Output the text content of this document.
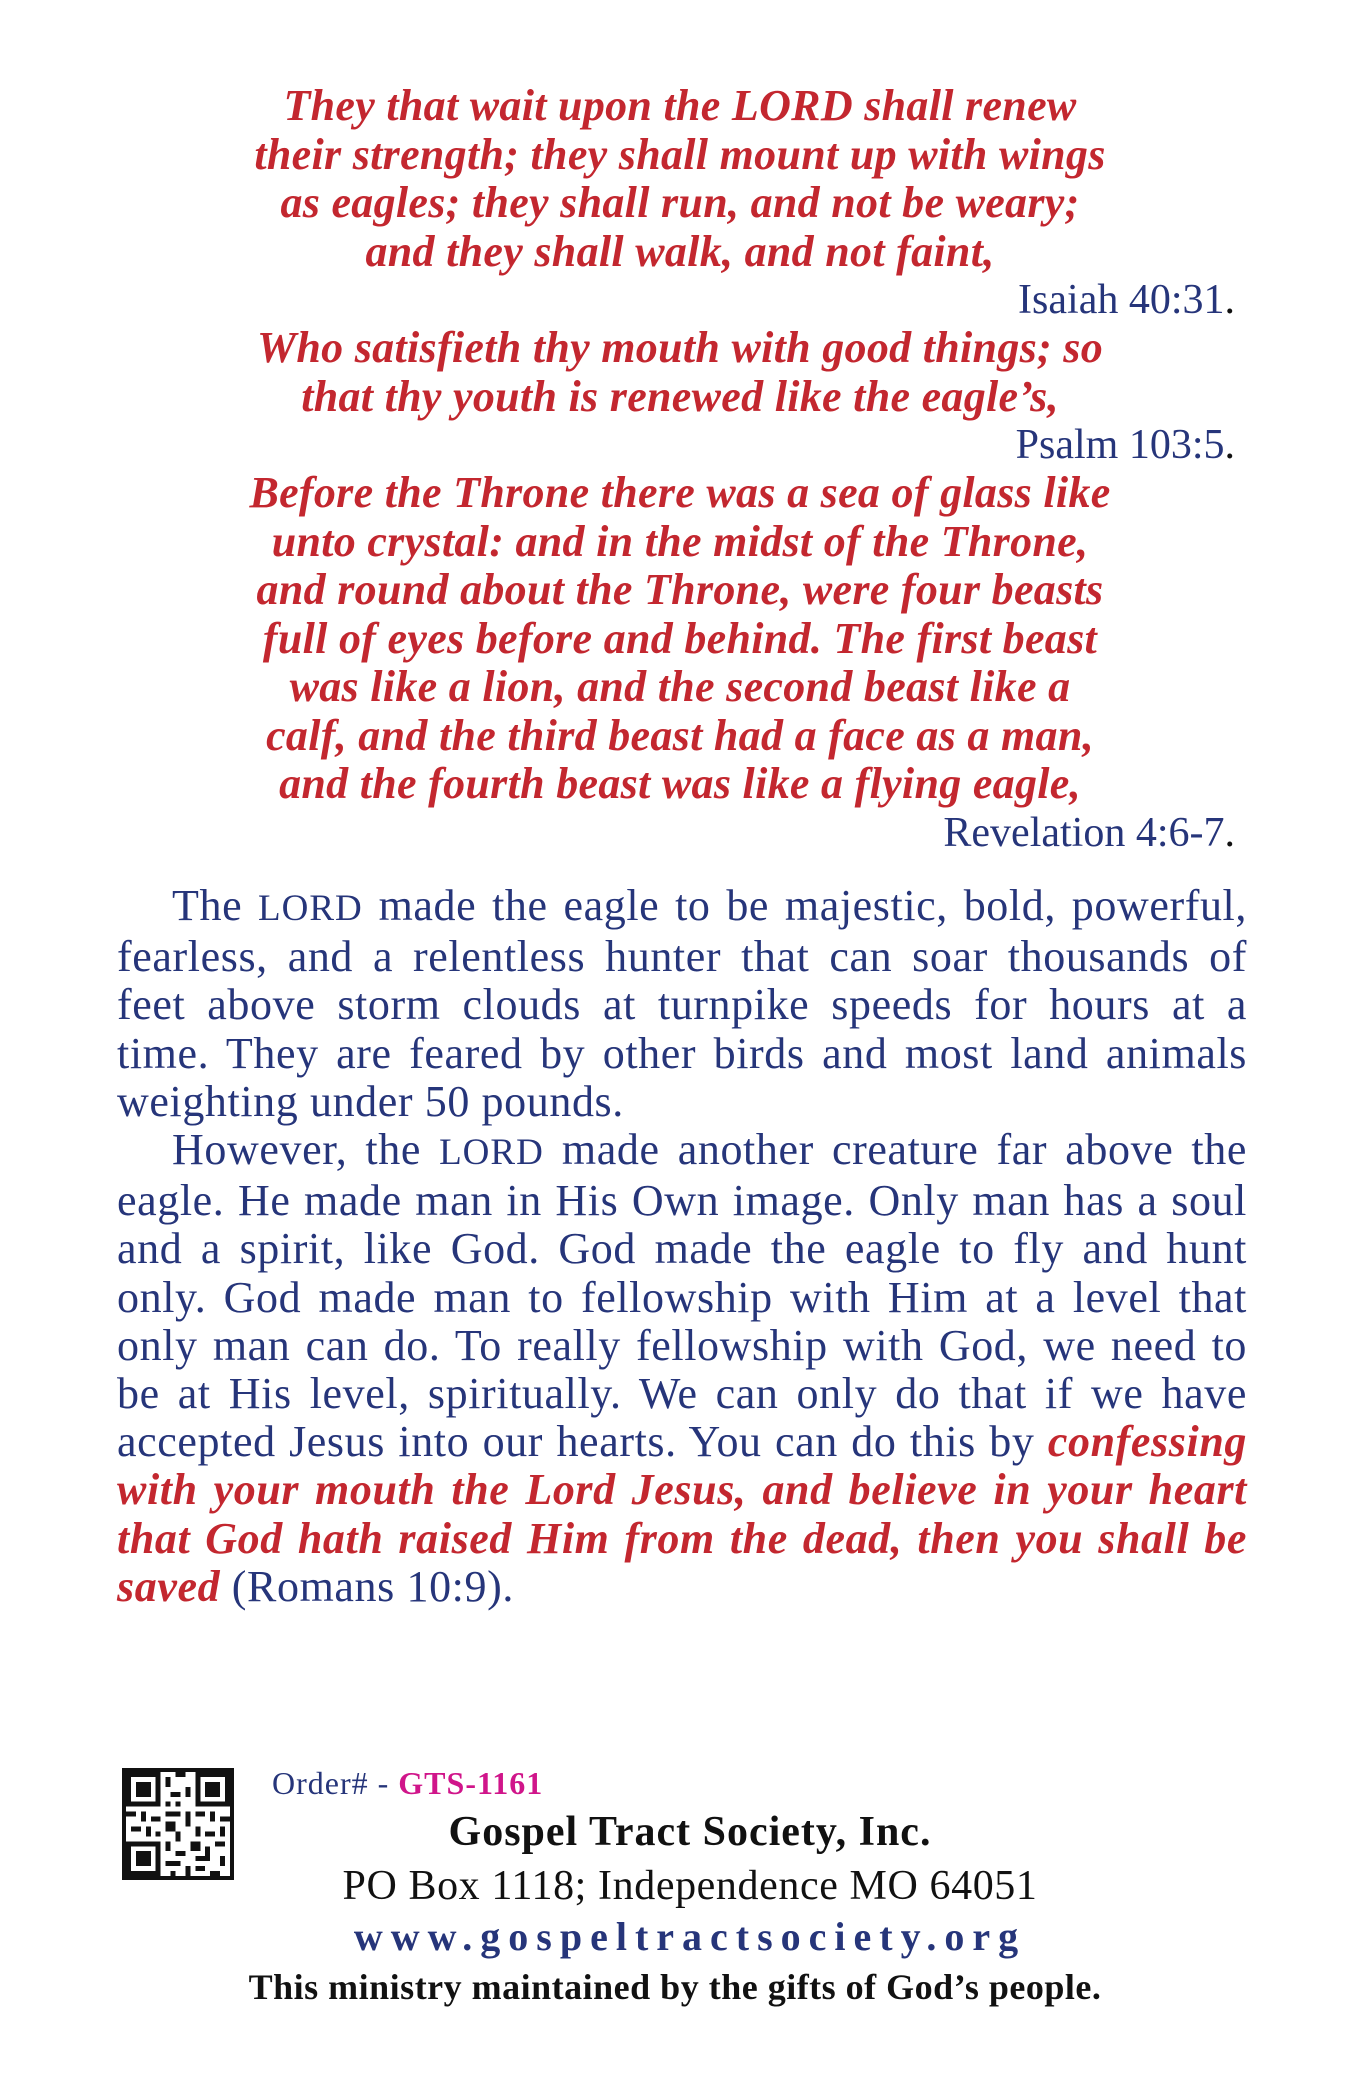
They that wait upon the LORD shall renew
their strength; they shall mount up with wings
as eagles; they shall run, and not be weary;
and they shall walk, and not faint,
Isaiah 40:31.
Who satisfieth thy mouth with good things; so
that thy youth is renewed like the eagle’s,
Psalm 103:5.
Before the Throne there was a sea of glass like
unto crystal: and in the midst of the Throne,
and round about the Throne, were four beasts
full of eyes before and behind. The first beast
was like a lion, and the second beast like a
calf, and the third beast had a face as a man,
and the fourth beast was like a flying eagle,
Revelation 4:6-7.

The LORD made the eagle to be majestic, bold, powerful, fearless, and a relentless hunter that can soar thousands of feet above storm clouds at turnpike speeds for hours at a time. They are feared by other birds and most land animals weighting under 50 pounds.

However, the LORD made another creature far above the eagle. He made man in His Own image. Only man has a soul and a spirit, like God. God made the eagle to fly and hunt only. God made man to fellowship with Him at a level that only man can do. To really fellowship with God, we need to be at His level, spiritually. We can only do that if we have accepted Jesus into our hearts. You can do this by confessing with your mouth the Lord Jesus, and believe in your heart that God hath raised Him from the dead, then you shall be saved (Romans 10:9).

Order# - GTS-1161
Gospel Tract Society, Inc.
PO Box 1118; Independence MO 64051
www.gospeltractsociety.org
This ministry maintained by the gifts of God’s people.
